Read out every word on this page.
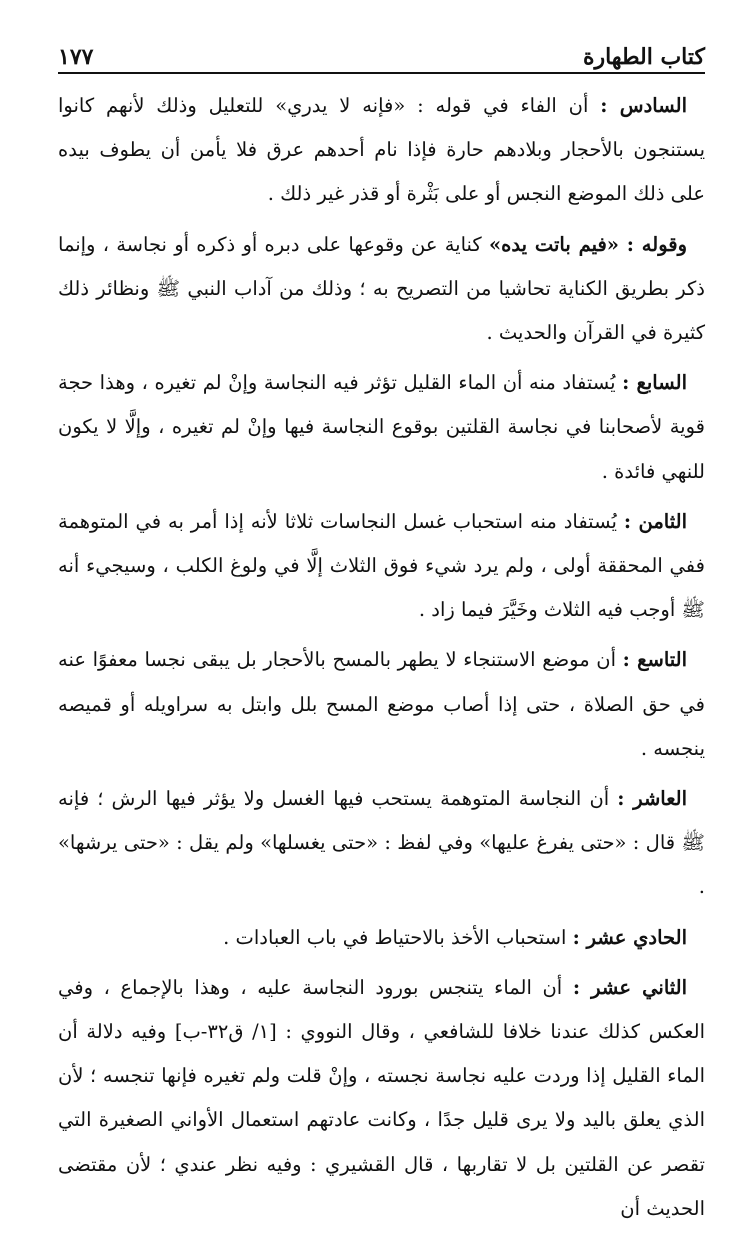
١٧٧	كتاب الطهارة

السادس : أن الفاء في قوله : «فإنه لا يدري» للتعليل وذلك لأنهم كانوا يستنجون بالأحجار وبلادهم حارة فإذا نام أحدهم عرق فلا يأمن أن يطوف بيده على ذلك الموضع النجس أو على بَثْرة أو قذر غير ذلك .

وقوله : «فيم باتت يده» كناية عن وقوعها على دبره أو ذكره أو نجاسة ، وإنما ذكر بطريق الكناية تحاشيا من التصريح به ؛ وذلك من آداب النبي ﷺ ونظائر ذلك كثيرة في القرآن والحديث .

السابع : يُستفاد منه أن الماء القليل تؤثر فيه النجاسة وإنْ لم تغيره ، وهذا حجة قوية لأصحابنا في نجاسة القلتين بوقوع النجاسة فيها وإنْ لم تغيره ، وإلَّا لا يكون للنهي فائدة .

الثامن : يُستفاد منه استحباب غسل النجاسات ثلاثا لأنه إذا أمر به في المتوهمة ففي المحققة أولى ، ولم يرد شيء فوق الثلاث إلَّا في ولوغ الكلب ، وسيجيء أنه ﷺ أوجب فيه الثلاث وخَيَّرَ فيما زاد .

التاسع : أن موضع الاستنجاء لا يطهر بالمسح بالأحجار بل يبقى نجسا معفوًا عنه في حق الصلاة ، حتى إذا أصاب موضع المسح بلل وابتل به سراويله أو قميصه ينجسه .

العاشر : أن النجاسة المتوهمة يستحب فيها الغسل ولا يؤثر فيها الرش ؛ فإنه ﷺ قال : «حتى يفرغ عليها» وفي لفظ : «حتى يغسلها» ولم يقل : «حتى يرشها» .

الحادي عشر : استحباب الأخذ بالاحتياط في باب العبادات .

الثاني عشر : أن الماء يتنجس بورود النجاسة عليه ، وهذا بالإجماع ، وفي العكس كذلك عندنا خلافا للشافعي ، وقال النووي : [١/ ق٣٢-ب] وفيه دلالة أن الماء القليل إذا وردت عليه نجاسة نجسته ، وإنْ قلت ولم تغيره فإنها تنجسه ؛ لأن الذي يعلق باليد ولا يرى قليل جدًا ، وكانت عادتهم استعمال الأواني الصغيرة التي تقصر عن القلتين بل لا تقاربها ، قال القشيري : وفيه نظر عندي ؛ لأن مقتضى الحديث أن
